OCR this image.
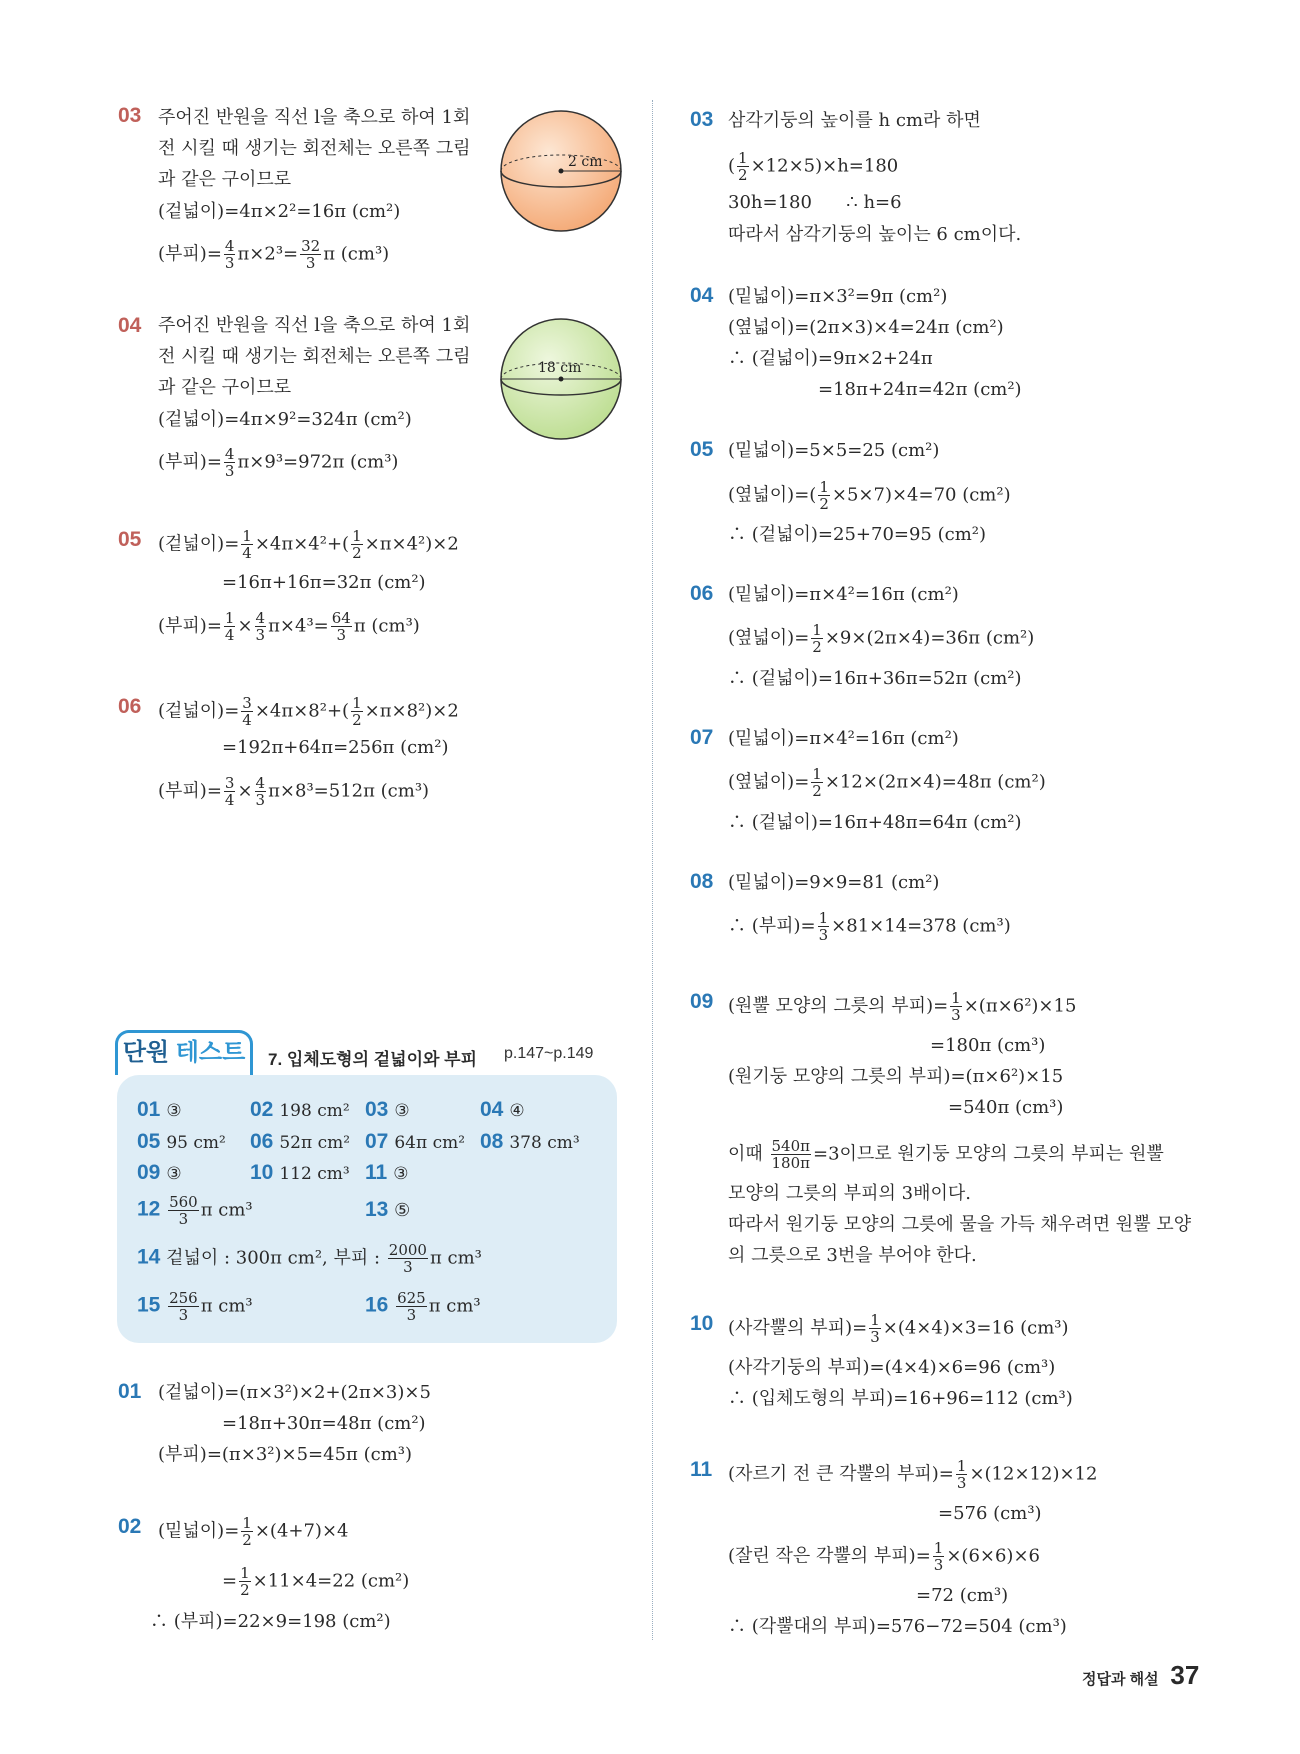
03 주어진 반원을 직선 l을 축으로 하여 1회
전 시킬 때 생기는 회전체는 오른쪽 그림
과 같은 구이므로
(겉넓이)=4π×2²=16π (cm²)
(부피)= $\frac{4}{3} \pi\times 2^3= \frac{32}{3}$ π (cm³)
2 cm
04 주어진 반원을 직선 l을 축으로 하여 1회
전 시킬 때 생기는 회전체는 오른쪽 그림
과 같은 구이므로
(겉넓이)=4π×9²=324π (cm²)
(부피)= $\frac{4}{3} \pi\times 9^3=972\pi$ (cm³)
18 cm
05 (겉넓이)= $\frac{1}{4} \times 4\pi\times 4^2+( \frac{1}{2} \times\pi\times 4^2)\times 2$
=16π+16π=32π (cm²)
(부피)= $\frac{1}{4} \times \frac{4}{3} \pi\times 4^3= \frac{64}{3}$ π (cm³)
06 (겉넓이)= $\frac{3}{4} \times 4\pi\times 8^2+( \frac{1}{2} \times\pi\times 8^2)\times 2$
=192π+64π=256π (cm²)
(부피)= $\frac{3}{4} \times \frac{4}{3} \pi\times 8^3=512\pi$ (cm³)
단원 테스트	7. 입체도형의 겉넓이와 부피 p.147~p.149
01 ③	02 198 cm² 03 ③	04 ④
05 95 cm² 06 52π cm² 07 64π cm² 08 378 cm³
09 ③	10 112 cm³ 11 ③
$12 \frac{560}{3}$ π cm³	13 ⑤
14 겉넓이 : 300π cm², 부피 : $\frac{2000}{3}$ π cm³
$15 \frac{256}{3}$ π cm³	$16 \frac{625}{3}$ π cm³
01 (겉넓이)=(π×3²)×2+(2π×3)×5
=18π+30π=48π (cm²)
(부피)=(π×3²)×5=45π (cm³)
02 (밑넓이)= $\frac{1}{2} \times(4+7)\times 4$
= $\frac{1}{2} \times 11\times 4=22$ (cm²)
∴ (부피)=22×9=198 (cm²)
03 삼각기둥의 높이를 h cm라 하면
( $\frac{1}{2} \times 12\times 5)\times h=180$
30h=180      ∴ h=6
따라서 삼각기둥의 높이는 6 cm이다.
04 (밑넓이)=π×3²=9π (cm²)
(옆넓이)=(2π×3)×4=24π (cm²)
∴ (겉넓이)=9π×2+24π
=18π+24π=42π (cm²)
05 (밑넓이)=5×5=25 (cm²)
(옆넓이)=( $\frac{1}{2} \times 5\times 7)\times 4=70$ (cm²)
∴ (겉넓이)=25+70=95 (cm²)
06 (밑넓이)=π×4²=16π (cm²)
(옆넓이)= $\frac{1}{2} \times 9\times(2\pi\times 4)=36\pi$ (cm²)
∴ (겉넓이)=16π+36π=52π (cm²)
07 (밑넓이)=π×4²=16π (cm²)
(옆넓이)= $\frac{1}{2} \times 12\times(2\pi\times 4)=48\pi$ (cm²)
∴ (겉넓이)=16π+48π=64π (cm²)
08 (밑넓이)=9×9=81 (cm²)
∴ (부피)= $\frac{1}{3} \times 81\times 14=378$ (cm³)
09 (원뿔 모양의 그릇의 부피)= $\frac{1}{3} \times(\pi\times 6^2)\times 15$
=180π (cm³)
(원기둥 모양의 그릇의 부피)=(π×6²)×15
=540π (cm³)
이때 $\frac{540\pi}{180\pi} =3$이므로 원기둥 모양의 그릇의 부피는 원뿔
모양의 그릇의 부피의 3배이다.
따라서 원기둥 모양의 그릇에 물을 가득 채우려면 원뿔 모양
의 그릇으로 3번을 부어야 한다.
10 (사각뿔의 부피)= $\frac{1}{3} \times(4\times 4)\times 3=16$ (cm³)
(사각기둥의 부피)=(4×4)×6=96 (cm³)
∴ (입체도형의 부피)=16+96=112 (cm³)
11 (자르기 전 큰 각뿔의 부피)= $\frac{1}{3} \times(12\times 12)\times 12$
=576 (cm³)
(잘린 작은 각뿔의 부피)= $\frac{1}{3} \times(6\times 6)\times 6$
=72 (cm³)
∴ (각뿔대의 부피)=576−72=504 (cm³)
정답과 해설 37
